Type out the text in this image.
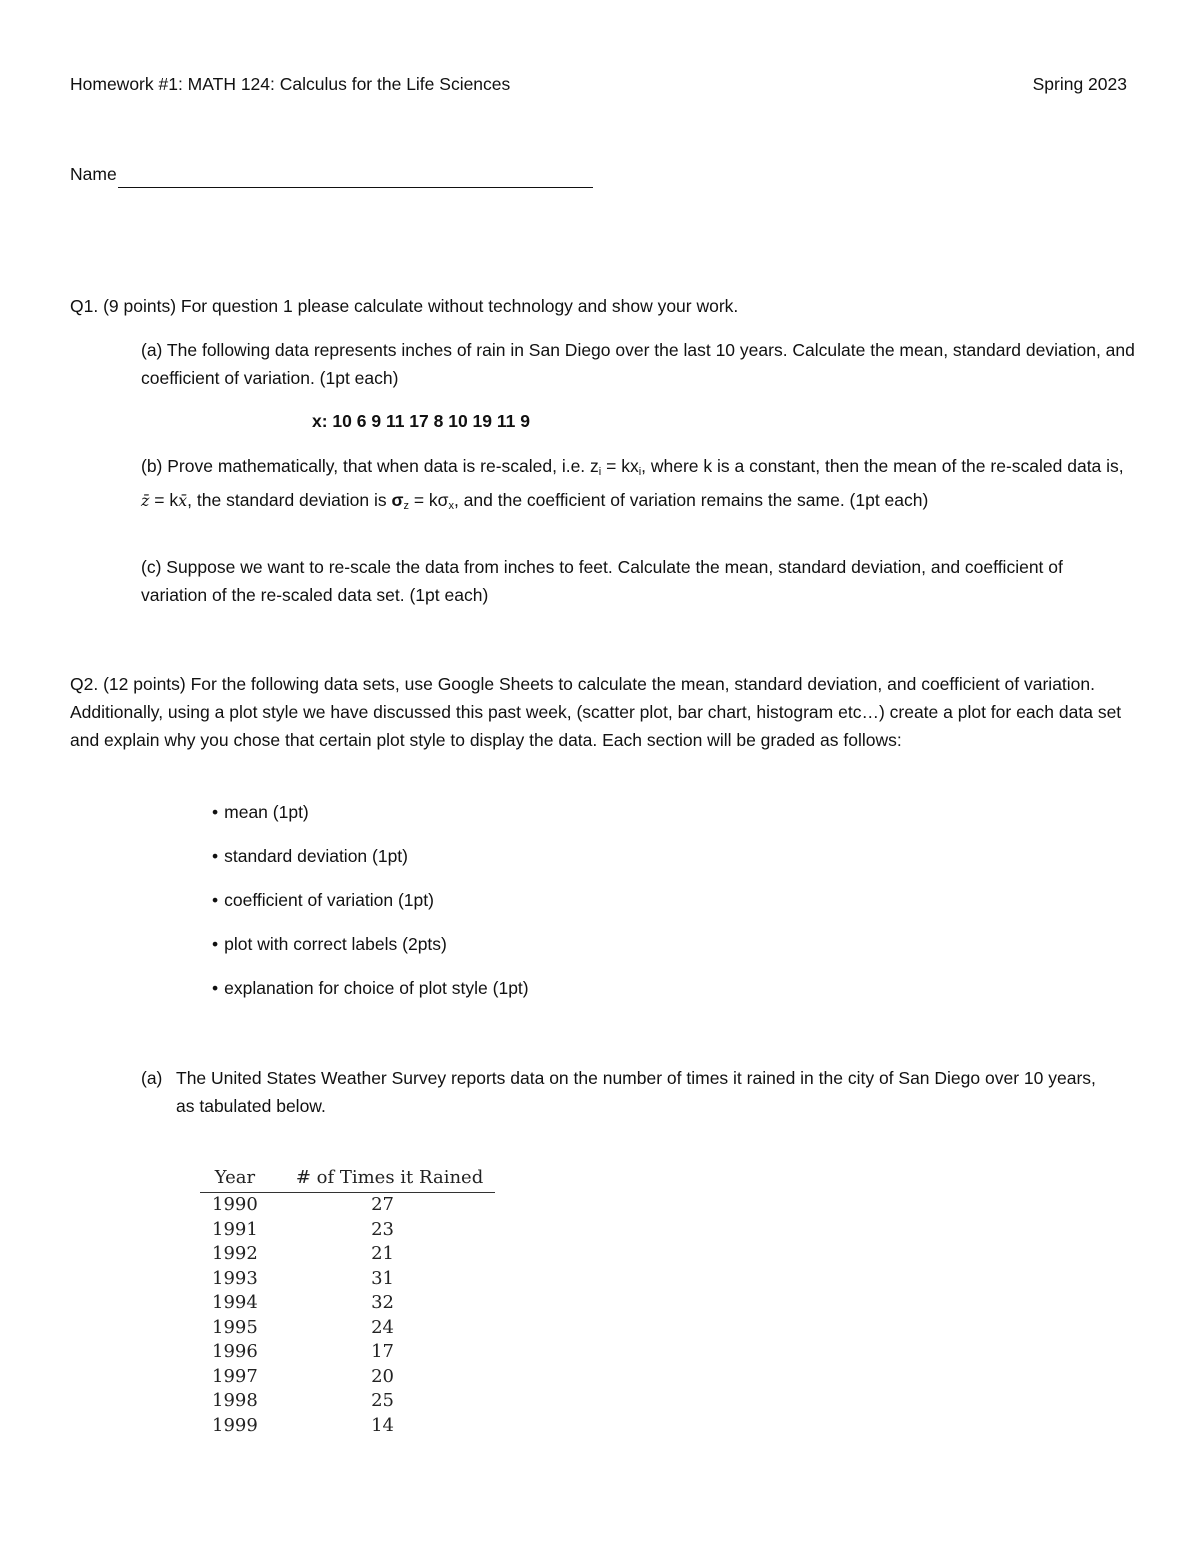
Homework #1: MATH 124: Calculus for the Life Sciences	Spring 2023
Name
Q1. (9 points) For question 1 please calculate without technology and show your work.
(a) The following data represents inches of rain in San Diego over the last 10 years. Calculate the mean, standard deviation, and coefficient of variation. (1pt each)
x: 10 6 9 11 17 8 10 19 11 9
(b) Prove mathematically, that when data is re-scaled, i.e. $z_i = kx_i$, where k is a constant, then the mean of the re-scaled data is, z̄ = kx̄, the standard deviation is $\sigma_z = k\sigma_x$, and the coefficient of variation remains the same. (1pt each)
(c) Suppose we want to re-scale the data from inches to feet. Calculate the mean, standard deviation, and coefficient of variation of the re-scaled data set. (1pt each)
Q2. (12 points) For the following data sets, use Google Sheets to calculate the mean, standard deviation, and coefficient of variation. Additionally, using a plot style we have discussed this past week, (scatter plot, bar chart, histogram etc…) create a plot for each data set and explain why you chose that certain plot style to display the data. Each section will be graded as follows:
• mean (1pt)
• standard deviation (1pt)
• coefficient of variation (1pt)
• plot with correct labels (2pts)
• explanation for choice of plot style (1pt)
(a) The United States Weather Survey reports data on the number of times it rained in the city of San Diego over 10 years, as tabulated below.
Year	# of Times it Rained
1990	27
1991	23
1992	21
1993	31
1994	32
1995	24
1996	17
1997	20
1998	25
1999	14
